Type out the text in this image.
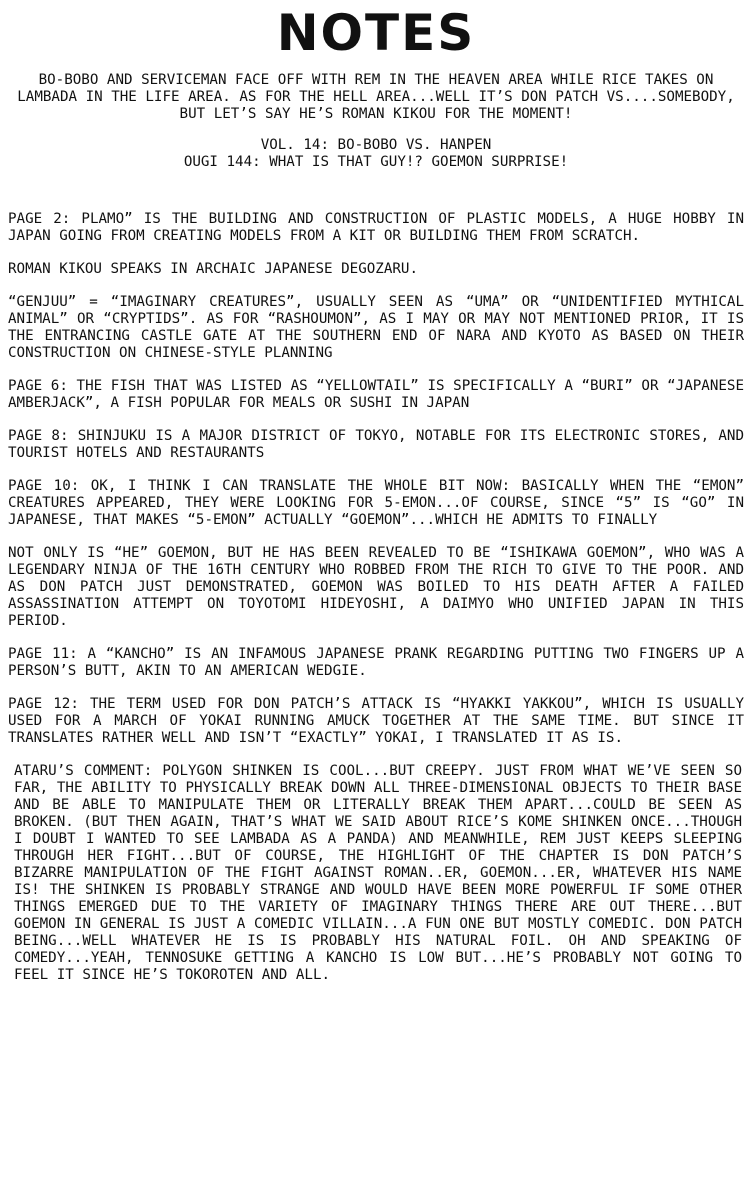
NOTES
BO-BOBO AND SERVICEMAN FACE OFF WITH REM IN THE HEAVEN AREA WHILE RICE TAKES ON LAMBADA IN THE LIFE AREA. AS FOR THE HELL AREA...WELL IT’S DON PATCH VS....SOMEBODY, BUT LET’S SAY HE’S ROMAN KIKOU FOR THE MOMENT!
VOL. 14: BO-BOBO VS. HANPEN
OUGI 144: WHAT IS THAT GUY!? GOEMON SURPRISE!

PAGE 2: PLAMO” IS THE BUILDING AND CONSTRUCTION OF PLASTIC MODELS, A HUGE HOBBY IN JAPAN GOING FROM CREATING MODELS FROM A KIT OR BUILDING THEM FROM SCRATCH.

ROMAN KIKOU SPEAKS IN ARCHAIC JAPANESE DEGOZARU.

“GENJUU” = “IMAGINARY CREATURES”, USUALLY SEEN AS “UMA” OR “UNIDENTIFIED MYTHICAL ANIMAL” OR “CRYPTIDS”. AS FOR “RASHOUMON”, AS I MAY OR MAY NOT MENTIONED PRIOR, IT IS THE ENTRANCING CASTLE GATE AT THE SOUTHERN END OF NARA AND KYOTO AS BASED ON THEIR CONSTRUCTION ON CHINESE-STYLE PLANNING

PAGE 6: THE FISH THAT WAS LISTED AS “YELLOWTAIL” IS SPECIFICALLY A “BURI” OR “JAPANESE AMBERJACK”, A FISH POPULAR FOR MEALS OR SUSHI IN JAPAN

PAGE 8: SHINJUKU IS A MAJOR DISTRICT OF TOKYO, NOTABLE FOR ITS ELECTRONIC STORES, AND TOURIST HOTELS AND RESTAURANTS

PAGE 10: OK, I THINK I CAN TRANSLATE THE WHOLE BIT NOW: BASICALLY WHEN THE “EMON” CREATURES APPEARED, THEY WERE LOOKING FOR 5-EMON...OF COURSE, SINCE “5” IS “GO” IN JAPANESE, THAT MAKES “5-EMON” ACTUALLY “GOEMON”...WHICH HE ADMITS TO FINALLY

NOT ONLY IS “HE” GOEMON, BUT HE HAS BEEN REVEALED TO BE “ISHIKAWA GOEMON”, WHO WAS A LEGENDARY NINJA OF THE 16TH CENTURY WHO ROBBED FROM THE RICH TO GIVE TO THE POOR. AND AS DON PATCH JUST DEMONSTRATED, GOEMON WAS BOILED TO HIS DEATH AFTER A FAILED ASSASSINATION ATTEMPT ON TOYOTOMI HIDEYOSHI, A DAIMYO WHO UNIFIED JAPAN IN THIS PERIOD.

PAGE 11: A “KANCHO” IS AN INFAMOUS JAPANESE PRANK REGARDING PUTTING TWO FINGERS UP A PERSON’S BUTT, AKIN TO AN AMERICAN WEDGIE.

PAGE 12: THE TERM USED FOR DON PATCH’S ATTACK IS “HYAKKI YAKKOU”, WHICH IS USUALLY USED FOR A MARCH OF YOKAI RUNNING AMUCK TOGETHER AT THE SAME TIME. BUT SINCE IT TRANSLATES RATHER WELL AND ISN’T “EXACTLY” YOKAI, I TRANSLATED IT AS IS.

ATARU’S COMMENT: POLYGON SHINKEN IS COOL...BUT CREEPY. JUST FROM WHAT WE’VE SEEN SO FAR, THE ABILITY TO PHYSICALLY BREAK DOWN ALL THREE-DIMENSIONAL OBJECTS TO THEIR BASE AND BE ABLE TO MANIPULATE THEM OR LITERALLY BREAK THEM APART...COULD BE SEEN AS BROKEN. (BUT THEN AGAIN, THAT’S WHAT WE SAID ABOUT RICE’S KOME SHINKEN ONCE...THOUGH I DOUBT I WANTED TO SEE LAMBADA AS A PANDA) AND MEANWHILE, REM JUST KEEPS SLEEPING THROUGH HER FIGHT...BUT OF COURSE, THE HIGHLIGHT OF THE CHAPTER IS DON PATCH’S BIZARRE MANIPULATION OF THE FIGHT AGAINST ROMAN..ER, GOEMON...ER, WHATEVER HIS NAME IS! THE SHINKEN IS PROBABLY STRANGE AND WOULD HAVE BEEN MORE POWERFUL IF SOME OTHER THINGS EMERGED DUE TO THE VARIETY OF IMAGINARY THINGS THERE ARE OUT THERE...BUT GOEMON IN GENERAL IS JUST A COMEDIC VILLAIN...A FUN ONE BUT MOSTLY COMEDIC. DON PATCH BEING...WELL WHATEVER HE IS IS PROBABLY HIS NATURAL FOIL. OH AND SPEAKING OF COMEDY...YEAH, TENNOSUKE GETTING A KANCHO IS LOW BUT...HE’S PROBABLY NOT GOING TO FEEL IT SINCE HE’S TOKOROTEN AND ALL.
